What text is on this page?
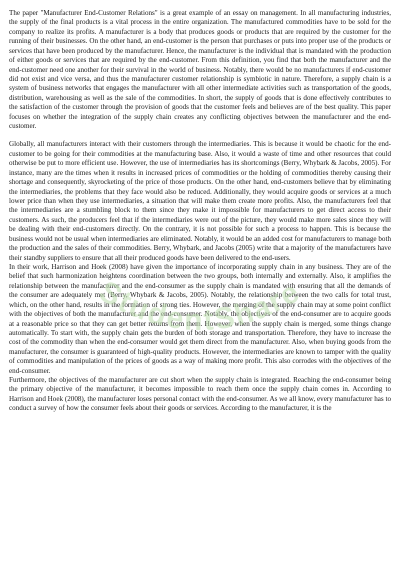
The paper "Manufacturer End-Customer Relations" is a great example of an essay on management. In all manufacturing industries, the supply of the final products is a vital process in the entire organization. The manufactured commodities have to be sold for the company to realize its profits. A manufacturer is a body that produces goods or products that are required by the customer for the running of their businesses. On the other hand, an end-customer is the person that purchases or puts into proper use of the products or services that have been produced by the manufacturer. Hence, the manufacturer is the individual that is mandated with the production of either goods or services that are required by the end-customer. From this definition, you find that both the manufacturer and the end-customer need one another for their survival in the world of business. Notably, there would be no manufacturers if end-customer did not exist and vice versa, and thus the manufacturer customer relationship is symbiotic in nature. Therefore, a supply chain is a system of business networks that engages the manufacturer with all other intermediate activities such as transportation of the goods, distribution, warehousing as well as the sale of the commodities. In short, the supply of goods that is done effectively contributes to the satisfaction of the customer through the provision of goods that the customer feels and believes are of the best quality. This paper focuses on whether the integration of the supply chain creates any conflicting objectives between the manufacturer and the end-customer.

Globally, all manufacturers interact with their customers through the intermediaries. This is because it would be chaotic for the end-customer to be going for their commodities at the manufacturing base. Also, it would a waste of time and other resources that could otherwise be put to more efficient use. However, the use of intermediaries has its shortcomings (Berry, Whybark & Jacobs, 2005). For instance, many are the times when it results in increased prices of commodities or the holding of commodities thereby causing their shortage and consequently, skyrocketing of the price of those products. On the other hand, end-customers believe that by eliminating the intermediaries, the problems that they face would also be reduced. Additionally, they would acquire goods or services at a much lower price than when they use intermediaries, a situation that will make them create more profits. Also, the manufacturers feel that the intermediaries are a stumbling block to them since they make it impossible for manufacturers to get direct access to their customers. As such, the producers feel that if the intermediaries were out of the picture, they would make more sales since they will be dealing with their end-customers directly. On the contrary, it is not possible for such a process to happen. This is because the business would not be usual when intermediaries are eliminated. Notably, it would be an added cost for manufacturers to manage both the production and the sales of their commodities. Berry, Whybark, and Jacobs (2005) write that a majority of the manufacturers have their standby suppliers to ensure that all their produced goods have been delivered to the end-users.

In their work, Harrison and Hoek (2008) have given the importance of incorporating supply chain in any business. They are of the belief that such harmonization heightens coordination between the two groups, both internally and externally. Also, it amplifies the relationship between the manufacturer and the end-consumer as the supply chain is mandated with ensuring that all the demands of the consumer are adequately met (Berry, Whybark & Jacobs, 2005). Notably, the relationship between the two calls for total trust, which, on the other hand, results in the formation of strong ties. However, the merging of the supply chain may at some point conflict with the objectives of both the manufacturer and the end-consumer. Notably, the objectives of the end-consumer are to acquire goods at a reasonable price so that they can get better returns from them. However, when the supply chain is merged, some things change automatically. To start with, the supply chain gets the burden of both storage and transportation. Therefore, they have to increase the cost of the commodity than when the end-consumer would get them direct from the manufacturer. Also, when buying goods from the manufacturer, the consumer is guaranteed of high-quality products. However, the intermediaries are known to tamper with the quality of commodities and manipulation of the prices of goods as a way of making more profit. This also corrodes with the objectives of the end-consumer.

Furthermore, the objectives of the manufacturer are cut short when the supply chain is integrated. Reaching the end-consumer being the primary objective of the manufacturer, it becomes impossible to reach them once the supply chain comes in. According to Harrison and Hoek (2008), the manufacturer loses personal contact with the end-consumer. As we all know, every manufacturer has to conduct a survey of how the consumer feels about their goods or services. According to the manufacturer, it is the

StudentShare
